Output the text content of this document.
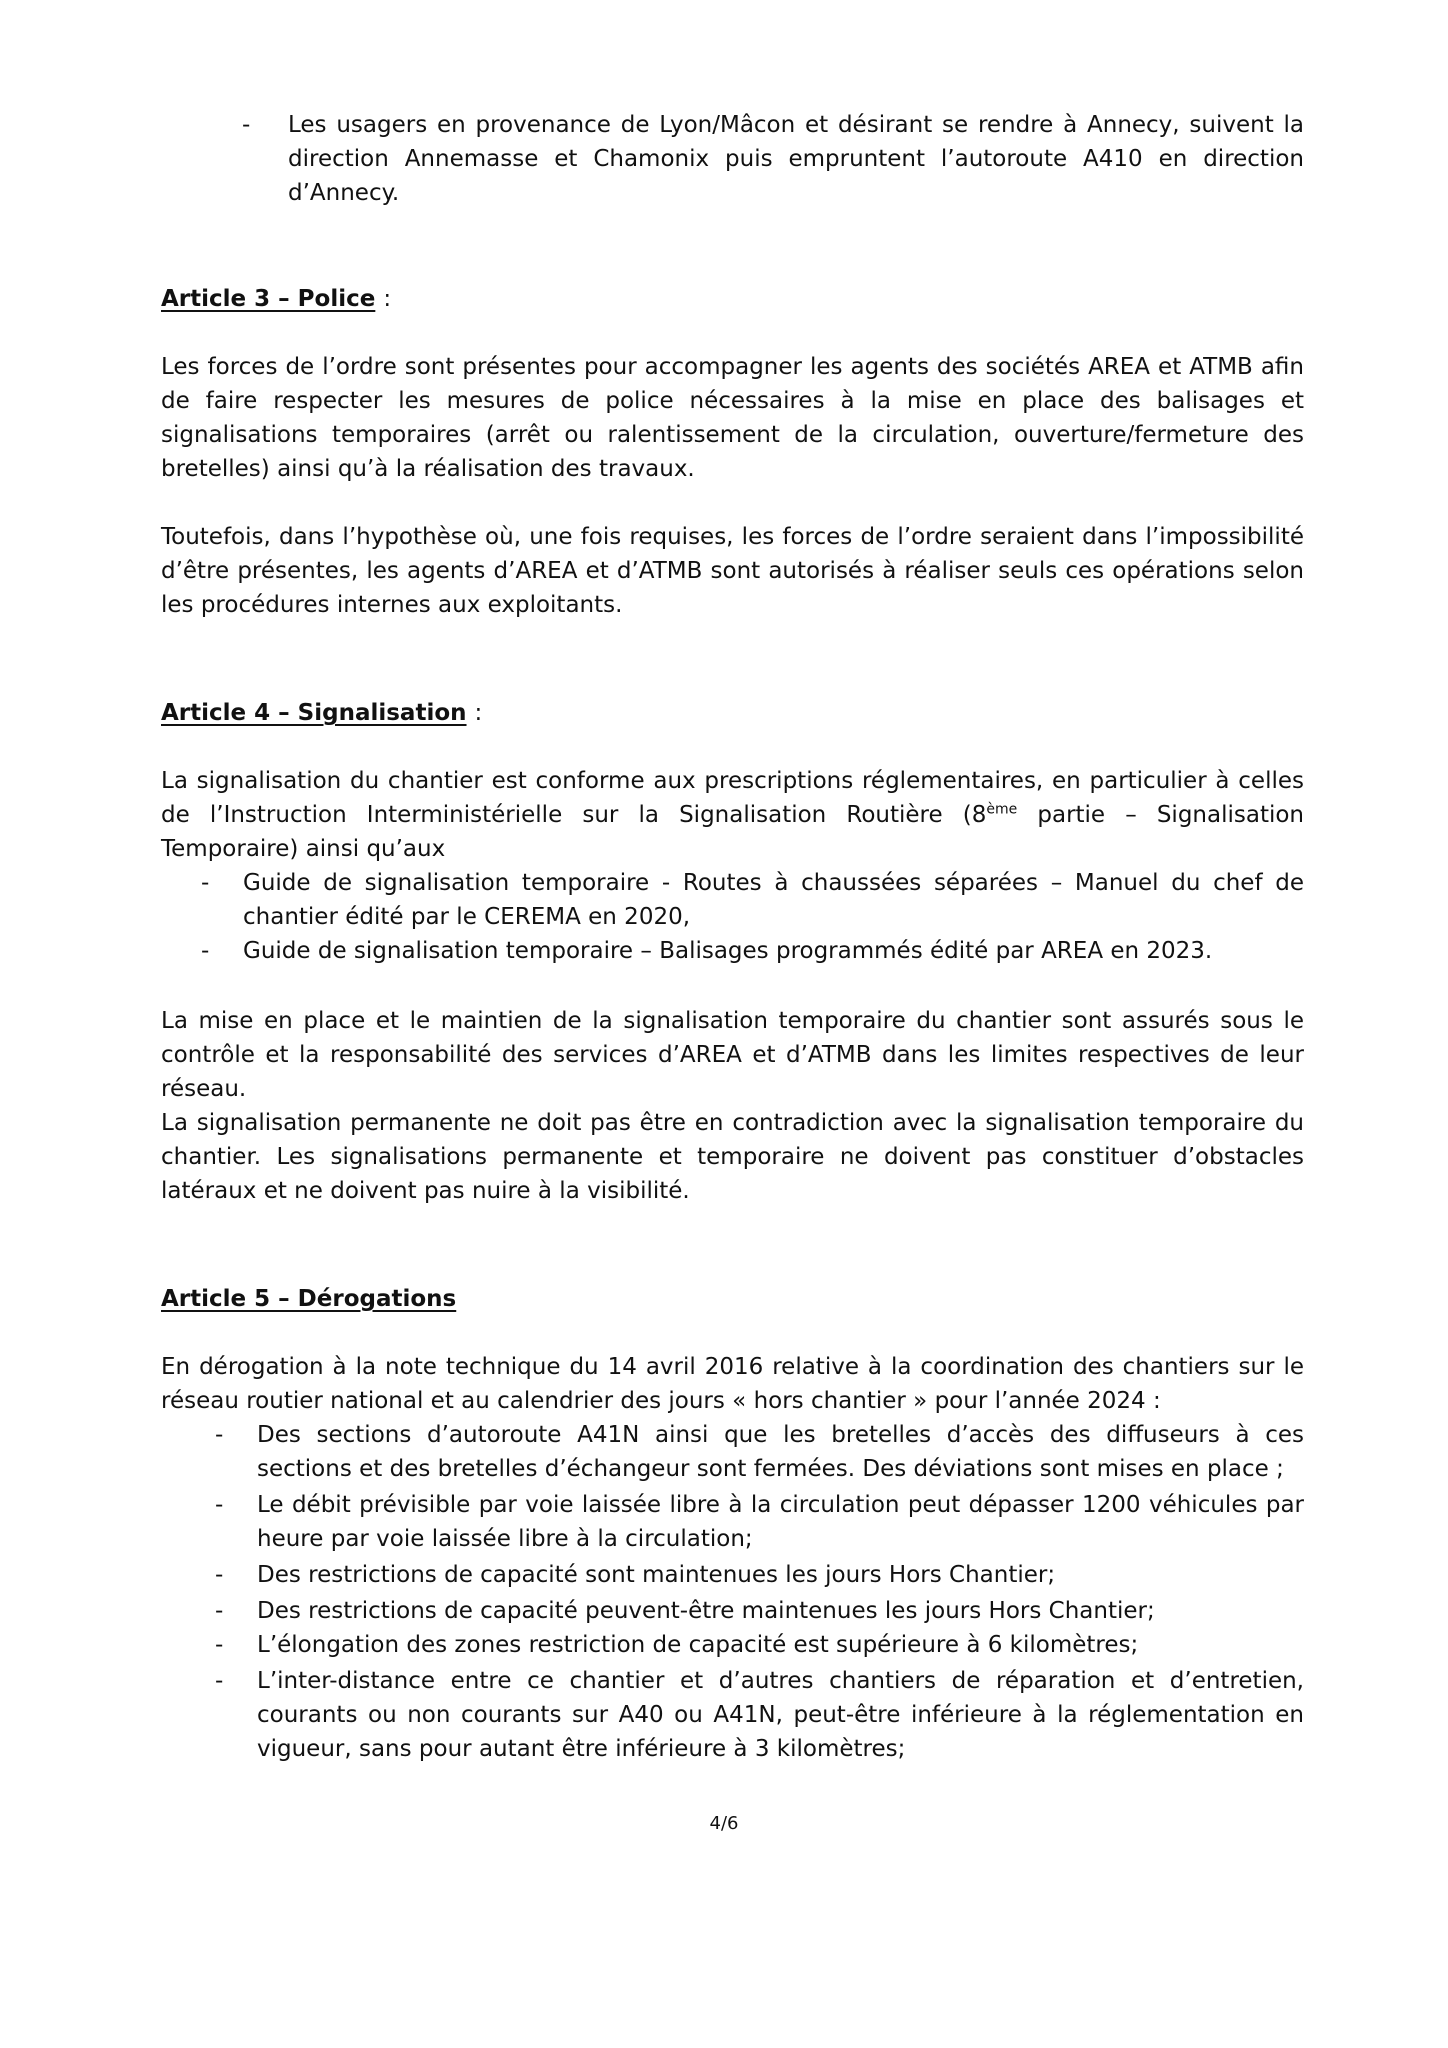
-	Les usagers en provenance de Lyon/Mâcon et désirant se rendre à Annecy, suivent la direction Annemasse et Chamonix puis empruntent l’autoroute A410 en direction d’Annecy.
Article 3 – Police :

Les forces de l’ordre sont présentes pour accompagner les agents des sociétés AREA et ATMB afin de faire respecter les mesures de police nécessaires à la mise en place des balisages et signalisations temporaires (arrêt ou ralentissement de la circulation, ouverture/fermeture des bretelles) ainsi qu’à la réalisation des travaux.

Toutefois, dans l’hypothèse où, une fois requises, les forces de l’ordre seraient dans l’impossibilité d’être présentes, les agents d’AREA et d’ATMB sont autorisés à réaliser seuls ces opérations selon les procédures internes aux exploitants.

Article 4 – Signalisation :

La signalisation du chantier est conforme aux prescriptions réglementaires, en particulier à celles de l’Instruction Interministérielle sur la Signalisation Routière (8ème partie – Signalisation Temporaire) ainsi qu’aux

-	Guide de signalisation temporaire - Routes à chaussées séparées – Manuel du chef de chantier édité par le CEREMA en 2020,
-	Guide de signalisation temporaire – Balisages programmés édité par AREA en 2023.

La mise en place et le maintien de la signalisation temporaire du chantier sont assurés sous le contrôle et la responsabilité des services d’AREA et d’ATMB dans les limites respectives de leur réseau.

La signalisation permanente ne doit pas être en contradiction avec la signalisation temporaire du chantier. Les signalisations permanente et temporaire ne doivent pas constituer d’obstacles latéraux et ne doivent pas nuire à la visibilité.

Article 5 – Dérogations

En dérogation à la note technique du 14 avril 2016 relative à la coordination des chantiers sur le réseau routier national et au calendrier des jours « hors chantier » pour l’année 2024 :

-	Des sections d’autoroute A41N ainsi que les bretelles d’accès des diffuseurs à ces sections et des bretelles d’échangeur sont fermées. Des déviations sont mises en place ;
-	Le débit prévisible par voie laissée libre à la circulation peut dépasser 1200 véhicules par heure par voie laissée libre à la circulation;
-	Des restrictions de capacité sont maintenues les jours Hors Chantier;
-	Des restrictions de capacité peuvent-être maintenues les jours Hors Chantier;
-	L’élongation des zones restriction de capacité est supérieure à 6 kilomètres;
-	L’inter-distance entre ce chantier et d’autres chantiers de réparation et d’entretien, courants ou non courants sur A40 ou A41N, peut-être inférieure à la réglementation en vigueur, sans pour autant être inférieure à 3 kilomètres;
4/6
